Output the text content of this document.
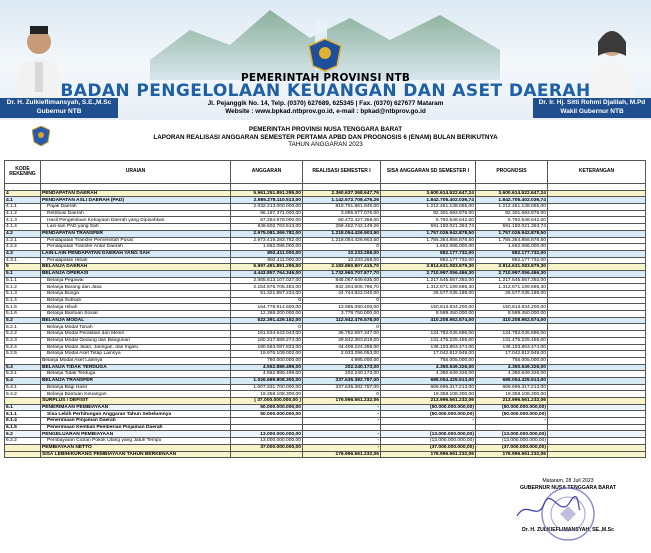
Dr. H. Zulkieflimansyah, S.E.,M.Sc
Gubernur NTB
Dr. Ir. Hj. Sitti Rohmi Djalilah, M.Pd
Wakil Gubernur NTB
PEMERINTAH PROVINSI NTB
BADAN PENGELOLAAN KEUANGAN DAN ASET DAERAH
Jl. Pejanggik No. 14, Telp. (0370) 627689, 625345 | Fax. (0370) 627677 Mataram
Website : www.bpkad.ntbprov.go.id, e-mail : bpkad@ntbprov.go.id
PEMERINTAH PROVINSI NUSA TENGGARA BARAT
LAPORAN REALISASI ANGGARAN SEMESTER PERTAMA APBD DAN PROGNOSIS 6 (ENAM) BULAN BERIKUTNYA
TAHUN ANGGARAN 2023
KODE REKENING	URAIAN	ANGGARAN	REALISASI SEMESTER I	SISA ANGGARAN SD SEMESTER I	PROGNOSIS	KETERANGAN

4	PENDAPATAN DAERAH	5.961.251.891.295,00	2.360.637.368.647,76	3.600.614.522.647,24	3.600.614.522.647,24	
4.1	PENDAPATAN ASLI DAERAH (PAD)	2.985.278.110.513,00	1.142.572.708.476,26	1.842.705.402.036,74	1.842.705.402.036,74	
4.1.1	Pajak Daerah	2.032.213.000.000,00	819.751.861.945,00	1.212.461.138.055,00	1.212.461.138.055,00	
4.1.2	Retribusi Daerah	96.197.371.000,00	3.895.677.076,00	92.301.693.976,00	92.301.693.976,00	
4.1.3	Hasil Pengelolaan Kekayaan Daerah yang Dipisahkan	67.264.976.000,00	60.472.427.358,00	6.792.548.642,00	6.792.548.642,00	
4.1.4	Lain-lain PAD yang Sah	849.602.763.513,00	258.452.742.149,26	591.150.021.363,74	591.150.021.363,74	
4.2	PENDAPATAN TRANSFER	2.975.081.369.782,00	1.218.054.426.903,50	1.757.026.942.878,50	1.757.026.942.878,50	
4.2.1	Pendapatan Transfer Pemerintah Pusat	2.973.419.283.782,00	1.218.054.426.903,50	1.755.364.856.878,50	1.755.364.856.878,50	
4.2.2	Pendapatan Transfer Antar Daerah	1.662.086.000,00	0	1.662.086.000,00	1.662.086.000,00	
4.3	LAIN-LAIN PENDAPATAN DAERAH YANG SAH	892.411.000,00	10.233.268,00	882.177.732,00	882.177.732,00	
4.3.1	Pendapatan Hibah	892.411.000,00	10.233.268,00	882.177.732,00	882.177.732,00	
5	BELANJA DAERAH	5.997.491.891.295,00	2.183.860.807.415,70	3.814.631.083.879,30	3.814.631.083.879,30	
5.1	BELANJA OPERASI	4.443.857.764.346,00	1.732.960.707.877,70	2.710.997.056.466,30	2.710.997.056.466,30	
5.1.1	Belanja Pegawai	2.065.613.107.027,00	848.067.649.635,00	1.217.545.557.392,00	1.217.545.557.392,00	
5.1.2	Belanja Barang dan Jasa	2.154.975.705.483,00	842.304.505.796,70	1.312.671.199.686,30	1.312.671.199.686,30	
5.1.3	Belanja Bunga	51.321.857.234,00	24.744.822.046,00	26.577.035.188,00	26.577.035.188,00	
5.1.4	Belanja Subsidi	0	0			
5.1.5	Belanja Hibah	164.778.914.600,00	13.965.080.400,00	150.813.834.200,00	150.813.834.200,00	
5.1.6	Belanja Bantuan Sosial	12.368.200.000,00	3.778.750.000,00	8.589.450.000,00	8.589.450.000,00	
5.2	BELANJA MODAL	522.391.429.152,00	112.942.476.578,00	410.208.952.574,00	410.208.952.574,00	
5.2.1	Belanja Modal Tanah	0	0			
5.2.2	Belanja Modal Peralatan dan Mesin	161.534.643.043,00	36.752.597.347,00	124.782.045.696,00	124.782.045.696,00	
5.2.3	Belanja Modal Gedung dan Bangunan	160.317.589.274,00	28.842.363.819,00	131.475.225.455,00	131.475.225.455,00	
5.2.4	Belanja Modal Jalan, Jaringan, dan Irigasi	180.563.087.833,00	44.409.224.359,00	136.153.863.474,00	136.153.863.474,00	
5.2.5	Belanja Modal Aset Tetap Lainnya	19.976.109.002,00	2.933.296.053,00	17.042.812.949,00	17.042.812.949,00	
	Belanja Modal Aset Lainnya	760.000.000,00	4.995.000,00	755.005.000,00	755.005.000,00	
5.3	BELANJA TIDAK TERDUGA	4.552.889.499,00	202.240.173,00	4.350.649.326,00	4.350.649.326,00	
5.3.1	Belanja Tidak Terduga	4.552.889.499,00	202.240.173,00	4.350.649.326,00	4.350.649.326,00	
5.4	BELANJA TRANSFER	1.026.689.808.300,00	337.635.382.787,00	689.054.425.513,00	689.054.425.513,00	
5.4.1	Belanja Bagi Hasil	1.007.331.700.000,00	337.635.382.787,00	669.696.317.213,00	669.696.317.213,00	
5.4.2	Belanja Bantuan Keuangan	19.358.108.300,00	0	19.358.108.300,00	19.358.108.300,00	
	SURPLUS / DEFISIT	( 37.000.000.000,00 )	176.996.561.232,06	213.996.561.232,06	213.996.561.232,06	
6.1	PENERIMAAN PEMBIAYAAN	50.000.000.000,00	-	(50.000.000.000,00)	(50.000.000.000,00)	
6.1.1	Sisa Lebih Perhitungan Anggaran Tahun Sebelumnya	50.000.000.000,00	-	(50.000.000.000,00)	(50.000.000.000,00)	
6.1.4	Penerimaan Pinjaman Daerah		-	-	-	
6.1.5	Penerimaan Kembali Pemberian Pinjaman Daerah					
6.2	PENGELUARAN PEMBIAYAAN	13.000.000.000,00	-	(13.000.000.000,00)	(13.000.000.000,00)	
6.2.2	Pembayaran Cicilan Pokok Utang yang Jatuh Tempo	13.000.000.000,00	-	(13.000.000.000,00)	(13.000.000.000,00)	
	PEMBIAYAAN NETTO	37.000.000.000,00	-	(37.000.000.000,00)	(37.000.000.000,00)	
	SISA LEBIH/KURANG PEMBIAYAAN TAHUN BERKENAAN		176.996.561.232,06	176.996.561.232,06	176.996.561.232,06	
Mataram, 28 Juli 2023
GUBERNUR NUSA TENGGARA BARAT
Dr. H. ZULKIEFLIMANSYAH, SE.,M.Sc
